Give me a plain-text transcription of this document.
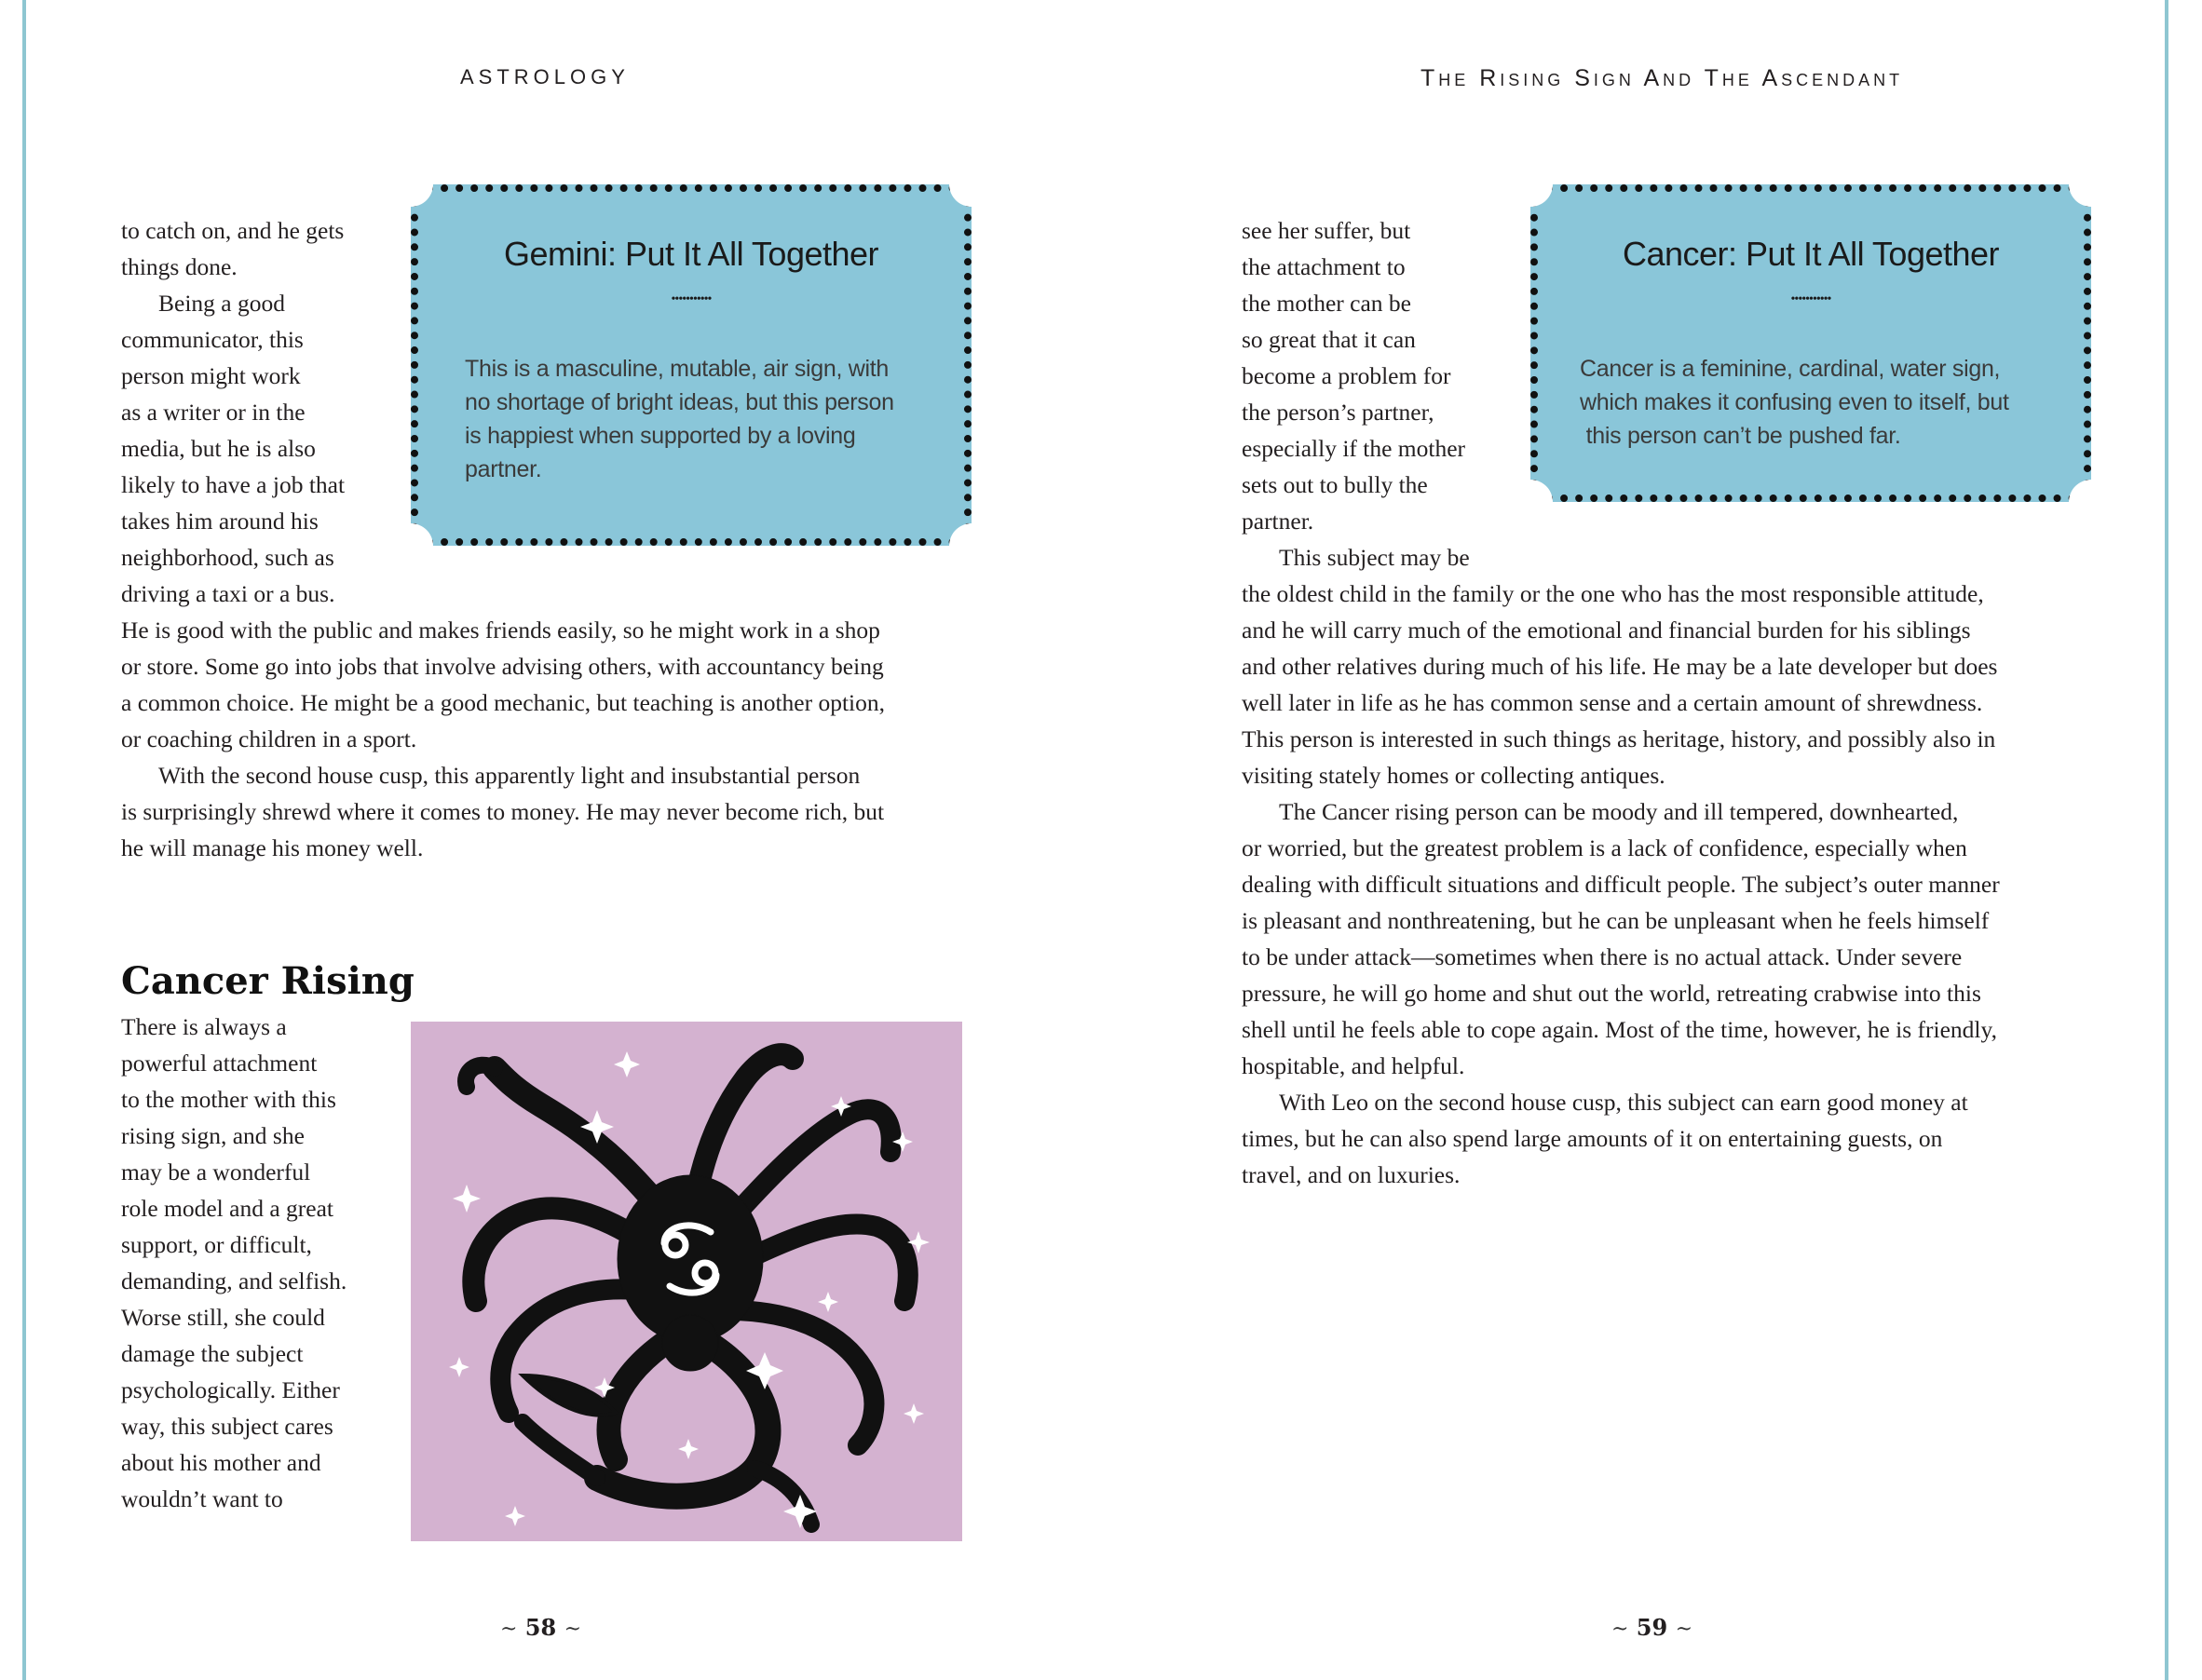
ASTROLOGY

to catch on, and he gets

things done.

Being a good

communicator, this

person might work

as a writer or in the

media, but he is also

likely to have a job that

takes him around his

neighborhood, such as

driving a taxi or a bus.

He is good with the public and makes friends easily, so he might work in a shop

or store. Some go into jobs that involve advising others, with accountancy being

a common choice. He might be a good mechanic, but teaching is another option,

or coaching children in a sport.

With the second house cusp, this apparently light and insubstantial person

is surprisingly shrewd where it comes to money. He may never become rich, but

he will manage his money well.

Gemini: Put It All Together
•••••••••••
This is a masculine, mutable, air sign, with
no shortage of bright ideas, but this person
is happiest when supported by a loving
partner.
Cancer Rising

There is always a

powerful attachment

to the mother with this

rising sign, and she

may be a wonderful

role model and a great

support, or difficult,

demanding, and selfish.

Worse still, she could

damage the subject

psychologically. Either

way, this subject cares

about his mother and

wouldn’t want to

~ 58 ~
The Rising Sign And The Ascendant

see her suffer, but

the attachment to

the mother can be

so great that it can

become a problem for

the person’s partner,

especially if the mother

sets out to bully the

partner.

This subject may be

the oldest child in the family or the one who has the most responsible attitude,

and he will carry much of the emotional and financial burden for his siblings

and other relatives during much of his life. He may be a late developer but does

well later in life as he has common sense and a certain amount of shrewdness.

This person is interested in such things as heritage, history, and possibly also in

visiting stately homes or collecting antiques.

The Cancer rising person can be moody and ill tempered, downhearted,

or worried, but the greatest problem is a lack of confidence, especially when

dealing with difficult situations and difficult people. The subject’s outer manner

is pleasant and nonthreatening, but he can be unpleasant when he feels himself

to be under attack—sometimes when there is no actual attack. Under severe

pressure, he will go home and shut out the world, retreating crabwise into this

shell until he feels able to cope again. Most of the time, however, he is friendly,

hospitable, and helpful.

With Leo on the second house cusp, this subject can earn good money at

times, but he can also spend large amounts of it on entertaining guests, on

travel, and on luxuries.

Cancer: Put It All Together
•••••••••••
Cancer is a feminine, cardinal, water sign,
which makes it confusing even to itself, but
this person can’t be pushed far.
~ 59 ~
